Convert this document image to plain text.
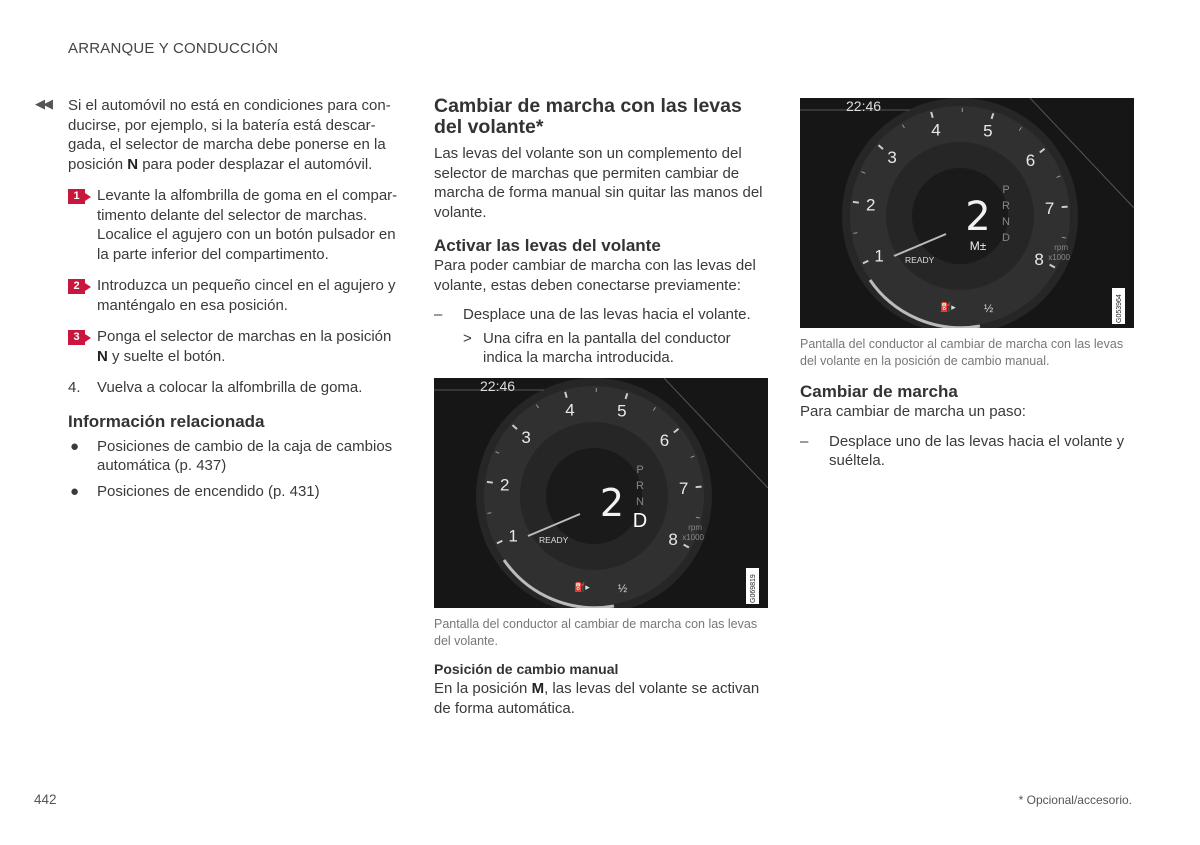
ARRANQUE Y CONDUCCIÓN
◀◀ Si el automóvil no está en condiciones para con-ducirse, por ejemplo, si la batería está descar-gada, el selector de marcha debe ponerse en la posición N para poder desplazar el automóvil.

1	Levante la alfombrilla de goma en el compar-timento delante del selector de marchas. Localice el agujero con un botón pulsador en la parte inferior del compartimento.
2	Introduzca un pequeño cincel en el agujero y manténgalo en esa posición.
3	Ponga el selector de marchas en la posición N y suelte el botón.
4. Vuelva a colocar la alfombrilla de goma.
Información relacionada
● Posiciones de cambio de la caja de cambios automática (p. 437)
● Posiciones de encendido (p. 431)
Cambiar de marcha con las levas del volante*

Las levas del volante son un complemento del selector de marchas que permiten cambiar de marcha de forma manual sin quitar las manos del volante.

Activar las levas del volante

Para poder cambiar de marcha con las levas del volante, estas deben conectarse previamente:

– Desplace una de las levas hacia el volante.
> Una cifra en la pantalla del conductor indica la marcha introducida.
22:46
1
2
3
4 5
6
7
8
READY
⛽▸	½
rpm
x1000
2
P
R
N
D
G069819
Pantalla del conductor al cambiar de marcha con las levas del volante.
Posición de cambio manual

En la posición M, las levas del volante se activan de forma automática.

22:46
1
2
3
4 5
6
7
8
READY
⛽▸	½
rpm
x1000
2
M±
P
R
N
D
G053964
Pantalla del conductor al cambiar de marcha con las levas del volante en la posición de cambio manual.
Cambiar de marcha

Para cambiar de marcha un paso:

– Desplace uno de las levas hacia el volante y suéltela.
442	* Opcional/accesorio.
